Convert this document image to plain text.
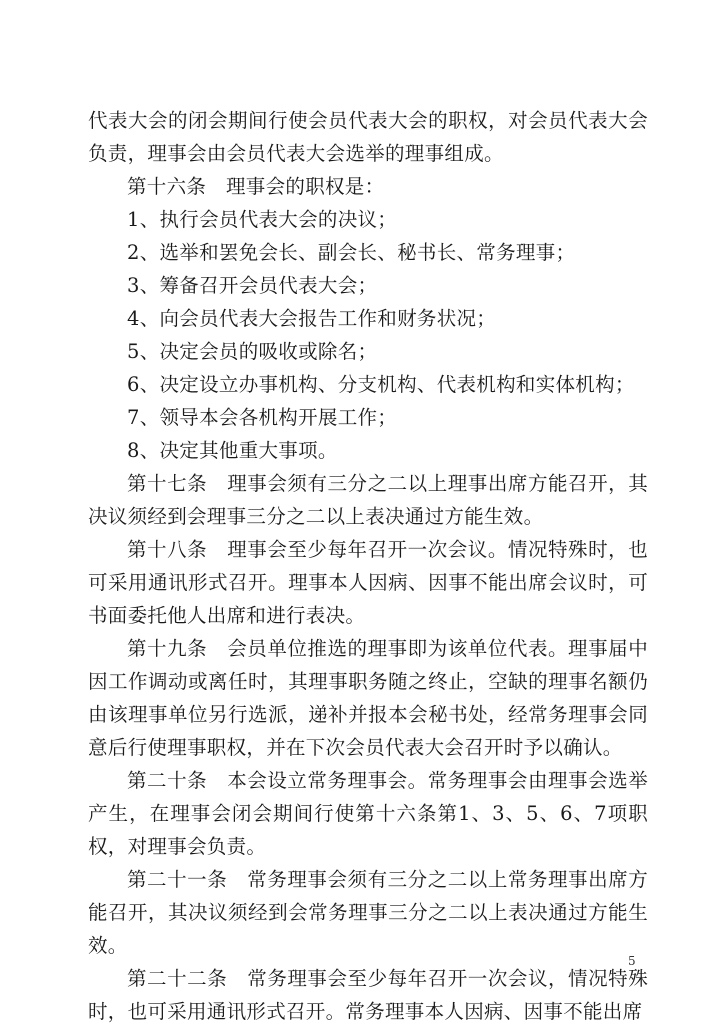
代表大会的闭会期间行使会员代表大会的职权，对会员代表大会负责，理事会由会员代表大会选举的理事组成。

第十六条　理事会的职权是：

1、执行会员代表大会的决议；

2、选举和罢免会长、副会长、秘书长、常务理事；

3、筹备召开会员代表大会；

4、向会员代表大会报告工作和财务状况；

5、决定会员的吸收或除名；

6、决定设立办事机构、分支机构、代表机构和实体机构；

7、领导本会各机构开展工作；

8、决定其他重大事项。

第十七条　理事会须有三分之二以上理事出席方能召开，其决议须经到会理事三分之二以上表决通过方能生效。

第十八条　理事会至少每年召开一次会议。情况特殊时，也可采用通讯形式召开。理事本人因病、因事不能出席会议时，可书面委托他人出席和进行表决。

第十九条　会员单位推选的理事即为该单位代表。理事届中因工作调动或离任时，其理事职务随之终止，空缺的理事名额仍由该理事单位另行选派，递补并报本会秘书处，经常务理事会同意后行使理事职权，并在下次会员代表大会召开时予以确认。

第二十条　本会设立常务理事会。常务理事会由理事会选举产生，在理事会闭会期间行使第十六条第1、3、5、6、7项职权，对理事会负责。

第二十一条　常务理事会须有三分之二以上常务理事出席方能召开，其决议须经到会常务理事三分之二以上表决通过方能生效。

第二十二条　常务理事会至少每年召开一次会议，情况特殊时，也可采用通讯形式召开。常务理事本人因病、因事不能出席

5
